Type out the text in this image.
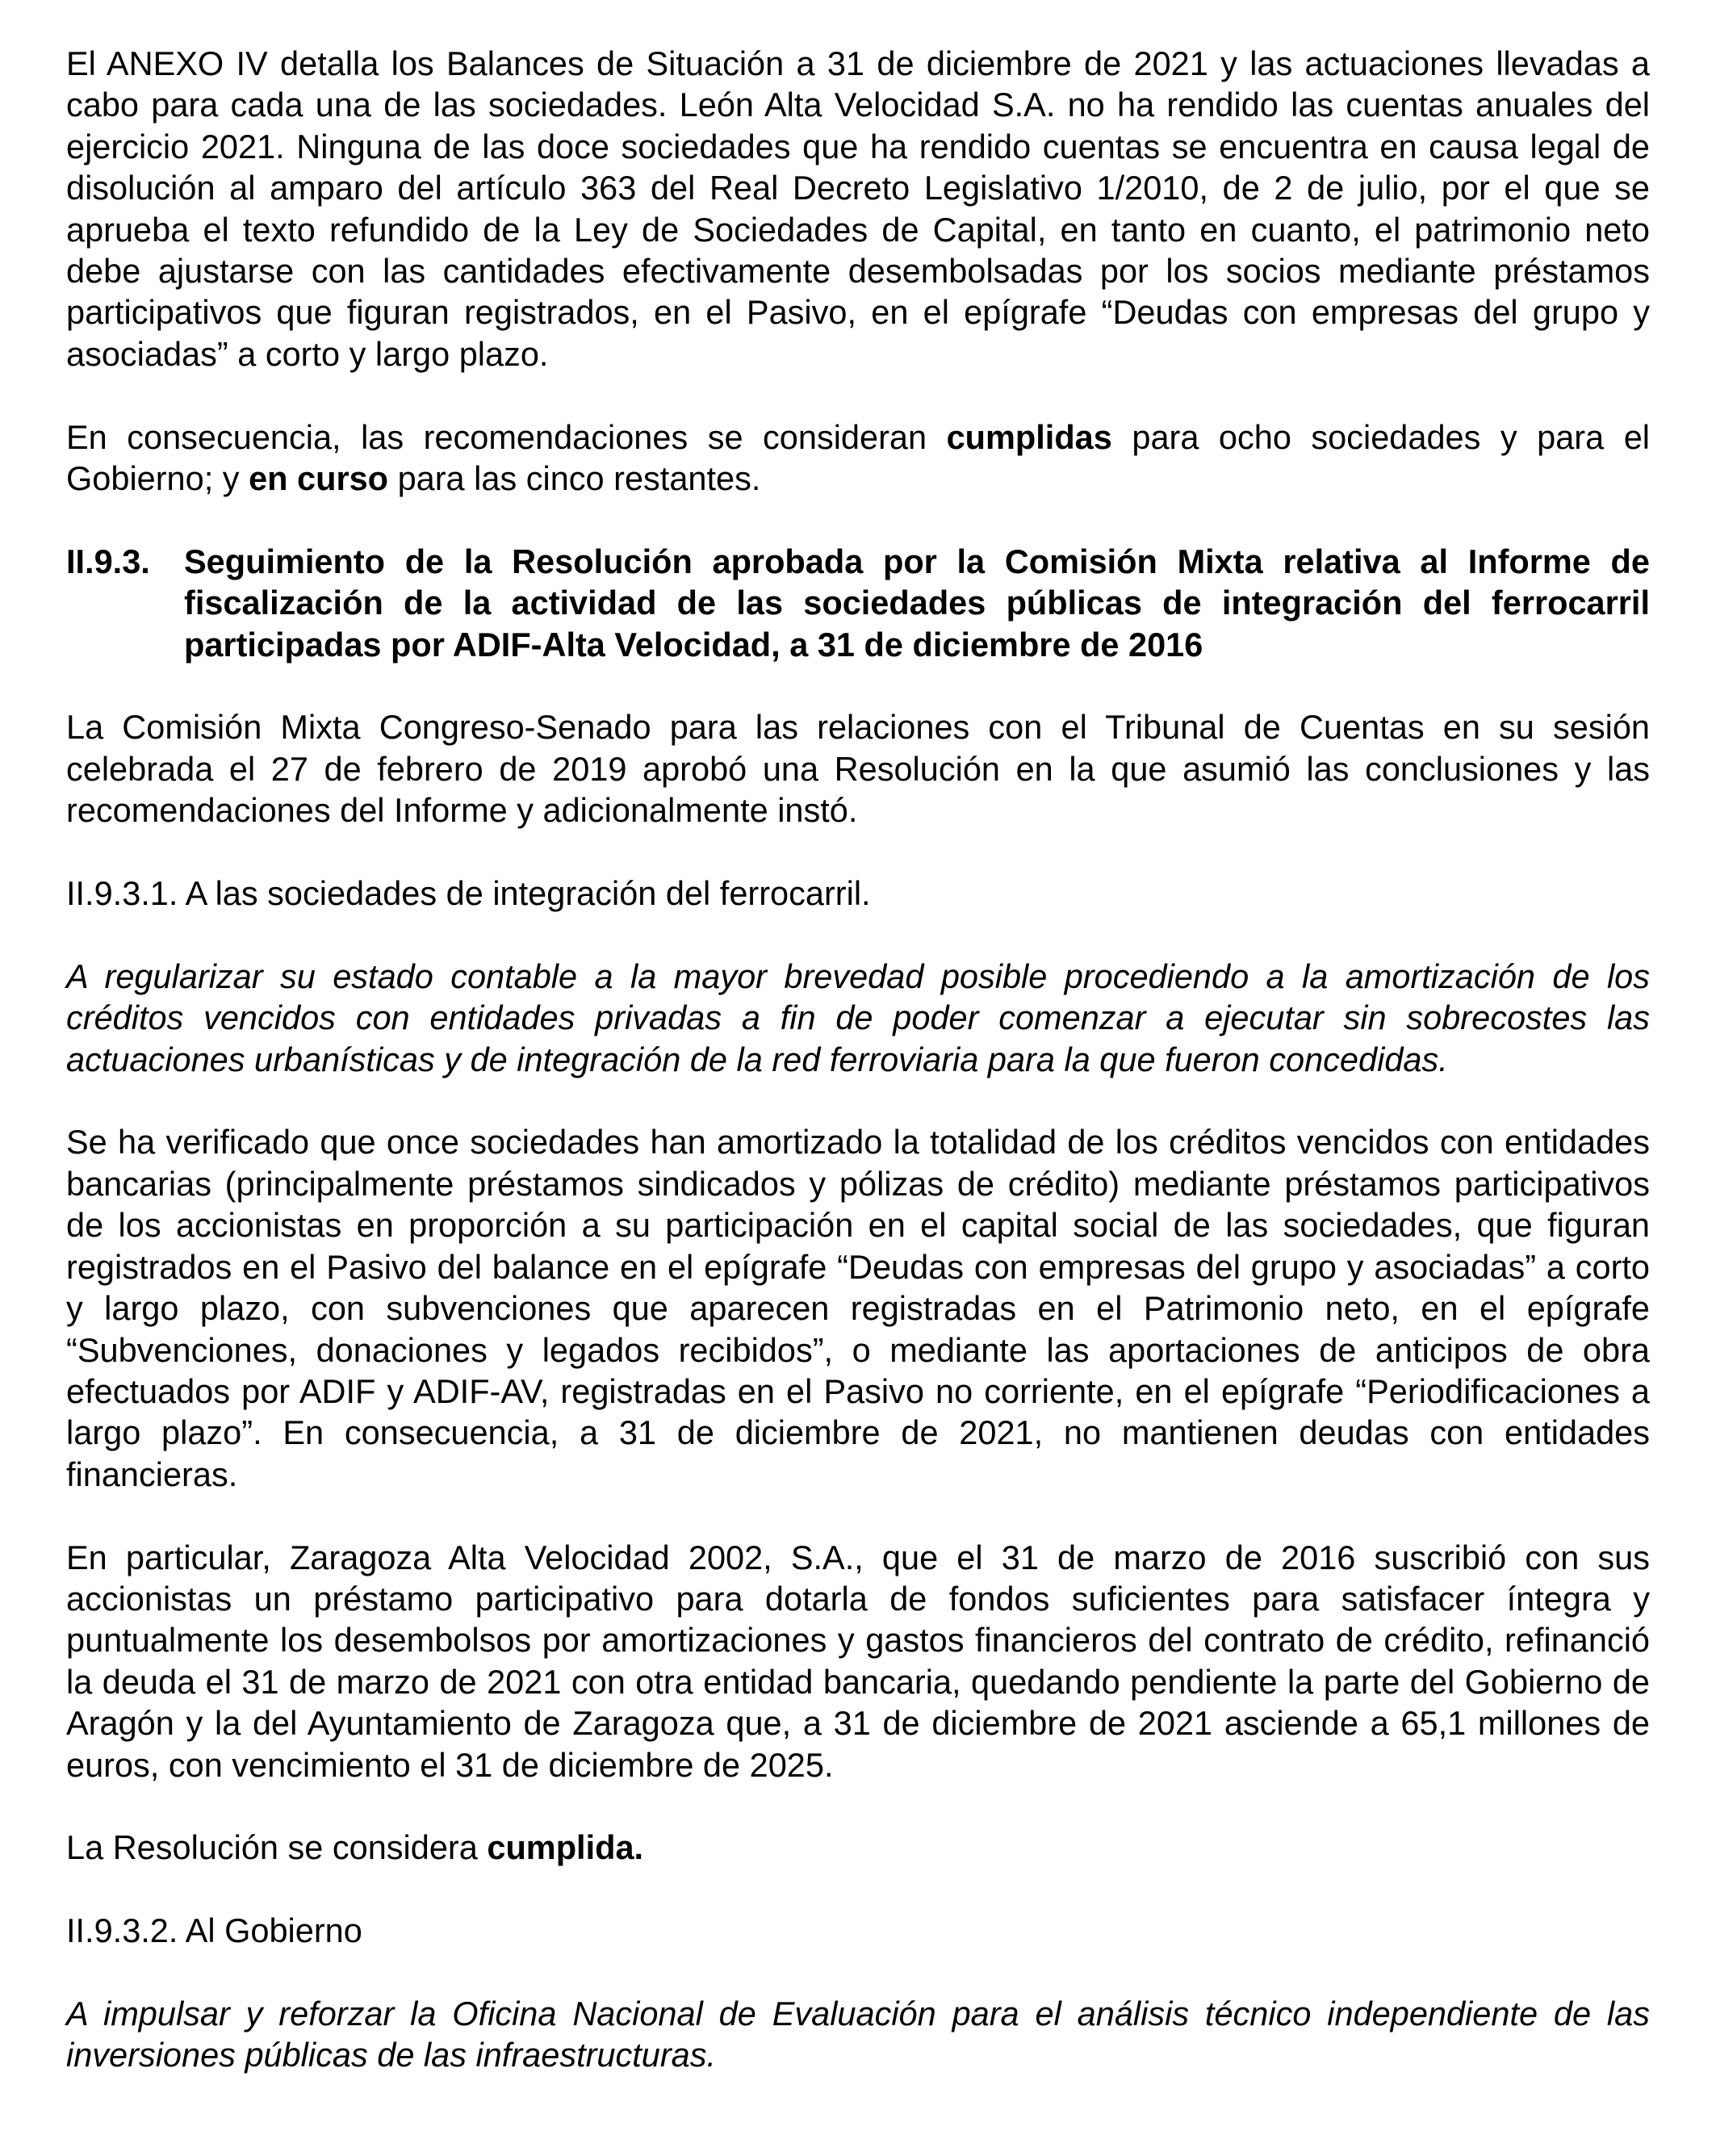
El ANEXO IV detalla los Balances de Situación a 31 de diciembre de 2021 y las actuaciones llevadas a cabo para cada una de las sociedades. León Alta Velocidad S.A. no ha rendido las cuentas anuales del ejercicio 2021. Ninguna de las doce sociedades que ha rendido cuentas se encuentra en causa legal de disolución al amparo del artículo 363 del Real Decreto Legislativo 1/2010, de 2 de julio, por el que se aprueba el texto refundido de la Ley de Sociedades de Capital, en tanto en cuanto, el patrimonio neto debe ajustarse con las cantidades efectivamente desembolsadas por los socios mediante préstamos participativos que figuran registrados, en el Pasivo, en el epígrafe “Deudas con empresas del grupo y asociadas” a corto y largo plazo.

En consecuencia, las recomendaciones se consideran cumplidas para ocho sociedades y para el Gobierno; y en curso para las cinco restantes.

II.9.3.	Seguimiento de la Resolución aprobada por la Comisión Mixta relativa al Informe de fiscalización de la actividad de las sociedades públicas de integración del ferrocarril participadas por ADIF-Alta Velocidad, a 31 de diciembre de 2016

La Comisión Mixta Congreso-Senado para las relaciones con el Tribunal de Cuentas en su sesión celebrada el 27 de febrero de 2019 aprobó una Resolución en la que asumió las conclusiones y las recomendaciones del Informe y adicionalmente instó.

II.9.3.1. A las sociedades de integración del ferrocarril.

A regularizar su estado contable a la mayor brevedad posible procediendo a la amortización de los créditos vencidos con entidades privadas a fin de poder comenzar a ejecutar sin sobrecostes las actuaciones urbanísticas y de integración de la red ferroviaria para la que fueron concedidas.

Se ha verificado que once sociedades han amortizado la totalidad de los créditos vencidos con entidades bancarias (principalmente préstamos sindicados y pólizas de crédito) mediante préstamos participativos de los accionistas en proporción a su participación en el capital social de las sociedades, que figuran registrados en el Pasivo del balance en el epígrafe “Deudas con empresas del grupo y asociadas” a corto y largo plazo, con subvenciones que aparecen registradas en el Patrimonio neto, en el epígrafe “Subvenciones, donaciones y legados recibidos”, o mediante las aportaciones de anticipos de obra efectuados por ADIF y ADIF-AV, registradas en el Pasivo no corriente, en el epígrafe “Periodificaciones a largo plazo”. En consecuencia, a 31 de diciembre de 2021, no mantienen deudas con entidades financieras.

En particular, Zaragoza Alta Velocidad 2002, S.A., que el 31 de marzo de 2016 suscribió con sus accionistas un préstamo participativo para dotarla de fondos suficientes para satisfacer íntegra y puntualmente los desembolsos por amortizaciones y gastos financieros del contrato de crédito, refinanció la deuda el 31 de marzo de 2021 con otra entidad bancaria, quedando pendiente la parte del Gobierno de Aragón y la del Ayuntamiento de Zaragoza que, a 31 de diciembre de 2021 asciende a 65,1 millones de euros, con vencimiento el 31 de diciembre de 2025.

La Resolución se considera cumplida.

II.9.3.2. Al Gobierno

A impulsar y reforzar la Oficina Nacional de Evaluación para el análisis técnico independiente de las inversiones públicas de las infraestructuras.
